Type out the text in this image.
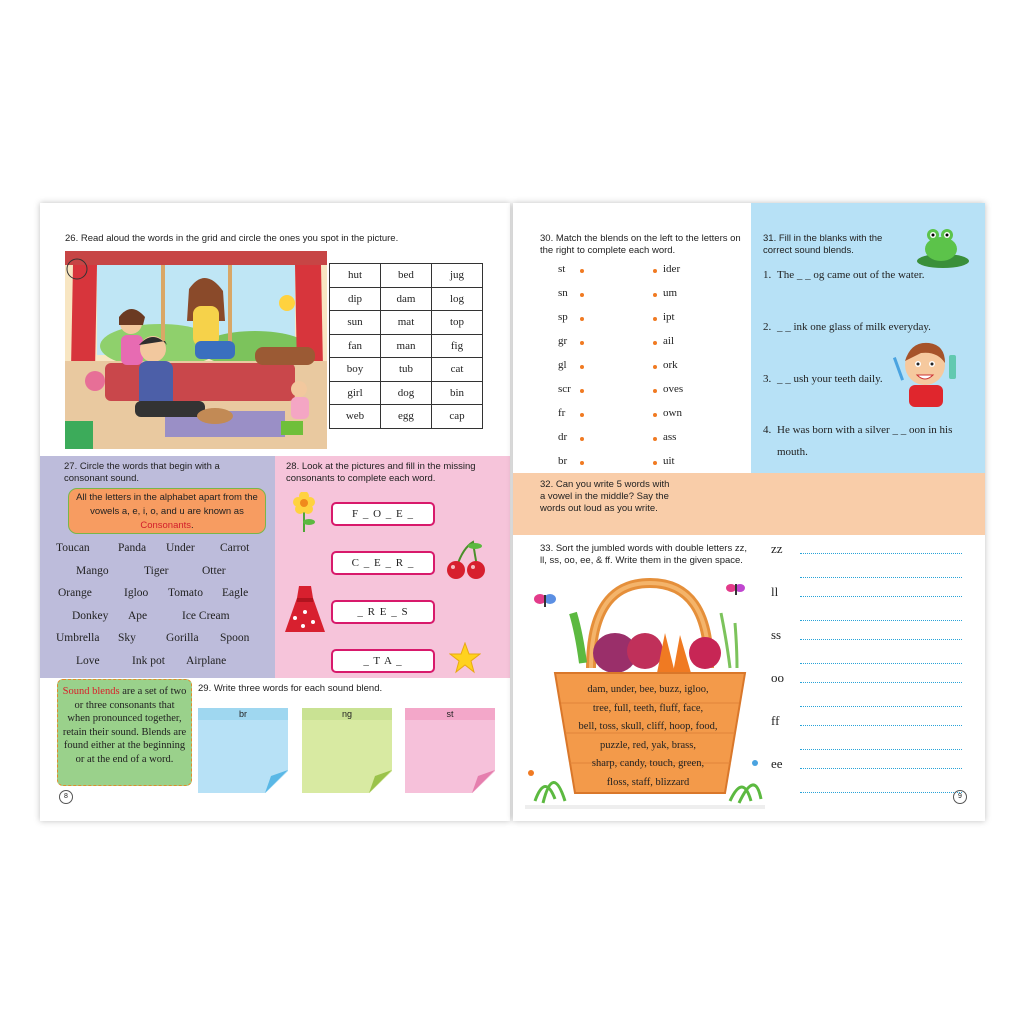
26. Read aloud the words in the grid and circle the ones you spot in the picture.
hut	bed	jug
dip	dam	log
sun	mat	top
fan	man	fig
boy	tub	cat
girl	dog	bin
web	egg	cap
27. Circle the words that begin with a consonant sound.
All the letters in the alphabet apart from the vowels a, e, i, o, and u are known as Consonants.
Toucan Panda Under Carrot
Mango	Tiger	Otter
Orange	Igloo Tomato Eagle
Donkey Ape	Ice Cream
Umbrella Sky	Gorilla Spoon
Love	Ink pot Airplane
28. Look at the pictures and fill in the missing consonants to complete each word.
F _ O _ E _
C _ E _ R _
_ R E _ S
_ T A _
Sound blends are a set of two or three consonants that when pronounced together, retain their sound. Blends are found either at the beginning or at the end of a word.
29. Write three words for each sound blend.
br	ng	st
8
30. Match the blends on the left to the letters on the right to complete each word.
st	ider
sn	um
sp	ipt
gr	ail
gl	ork
scr	oves
fr	own
dr	ass
br	uit
31. Fill in the blanks with the correct sound blends.
1. The _ _ og came out of the water.
2. _ _ ink one glass of milk everyday.
3. _ _ ush your teeth daily.
4. He was born with a silver _ _ oon in his mouth.
32. Can you write 5 words with a vowel in the middle? Say the words out loud as you write.
33. Sort the jumbled words with double letters zz, ll, ss, oo, ee, & ff. Write them in the given space.
dam, under, bee, buzz, igloo,
tree, full, teeth, fluff, face,
bell, toss, skull, cliff, hoop, food,
puzzle, red, yak, brass,
sharp, candy, touch, green,
floss, staff, blizzard
zz
ll
ss
oo
ff
ee
9
